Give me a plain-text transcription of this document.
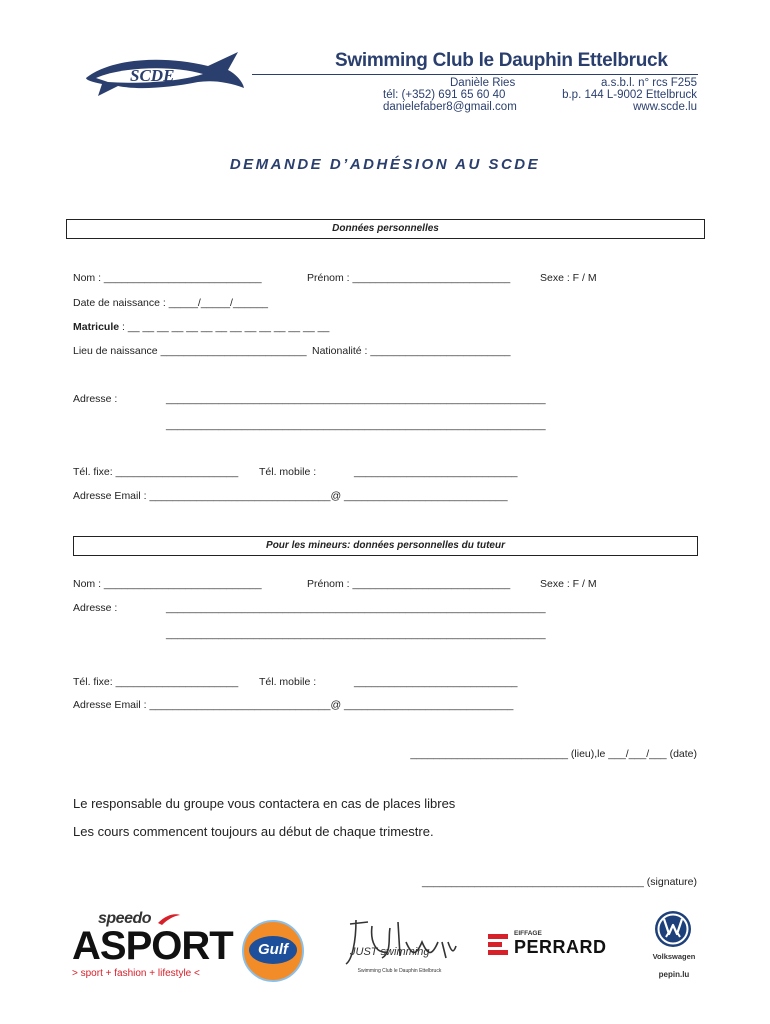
SCDE
Swimming Club le Dauphin Ettelbruck
Danièle Ries
tél: (+352) 691 65 60 40
danielefaber8@gmail.com
a.s.b.l. n° rcs F255
b.p. 144 L-9002 Ettelbruck
www.scde.lu
DEMANDE D’ADHÉSION AU SCDE
Données personnelles
Nom : ___________________________	Prénom : ___________________________	Sexe : F / M
Date de naissance : _____/_____/______
Matricule : __ __ __ __ __ __ __ __ __ __ __ __ __ __
Lieu de naissance _________________________ Nationalité : ________________________
Adresse :	_________________________________________________________________
_________________________________________________________________
Tél. fixe: _____________________ Tél. mobile :	____________________________
Adresse Email : _______________________________@ ____________________________
Pour les mineurs: données personnelles du tuteur
Nom : ___________________________	Prénom : ___________________________	Sexe : F / M
Adresse :	_________________________________________________________________
_________________________________________________________________
Tél. fixe: _____________________ Tél. mobile :	____________________________
Adresse Email : _______________________________@ _____________________________
___________________________ (lieu),le ___/___/___ (date)
Le responsable du groupe vous contactera en cas de places libres
Les cours commencent toujours au début de chaque trimestre.
______________________________________ (signature)
speedo
ASPORT
> sport + fashion + lifestyle <
Gulf	JUST swimming
Swimming Club le Dauphin Ettelbruck
EIFFAGE
PERRARD	Volkswagen
pepin.lu
